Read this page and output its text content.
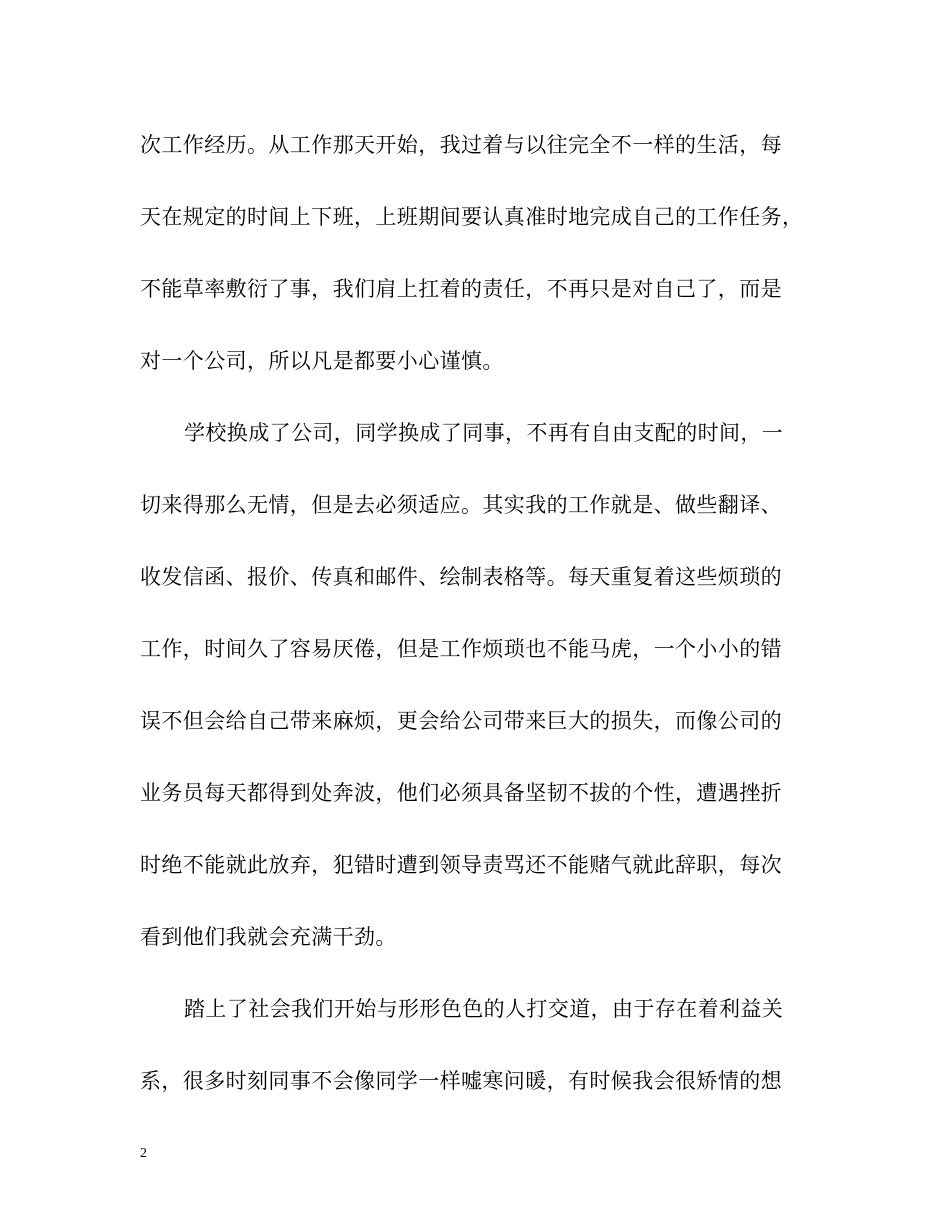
次工作经历。从工作那天开始，我过着与以往完全不一样的生活，每
天在规定的时间上下班，上班期间要认真准时地完成自己的工作任务，
不能草率敷衍了事，我们肩上扛着的责任，不再只是对自己了，而是
对一个公司，所以凡是都要小心谨慎。
学校换成了公司，同学换成了同事，不再有自由支配的时间，一
切来得那么无情，但是去必须适应。其实我的工作就是、做些翻译、
收发信函、报价、传真和邮件、绘制表格等。每天重复着这些烦琐的
工作，时间久了容易厌倦，但是工作烦琐也不能马虎，一个小小的错
误不但会给自己带来麻烦，更会给公司带来巨大的损失，而像公司的
业务员每天都得到处奔波，他们必须具备坚韧不拔的个性，遭遇挫折
时绝不能就此放弃，犯错时遭到领导责骂还不能赌气就此辞职，每次
看到他们我就会充满干劲。
踏上了社会我们开始与形形色色的人打交道，由于存在着利益关
系，很多时刻同事不会像同学一样嘘寒问暖，有时候我会很矫情的想
2
